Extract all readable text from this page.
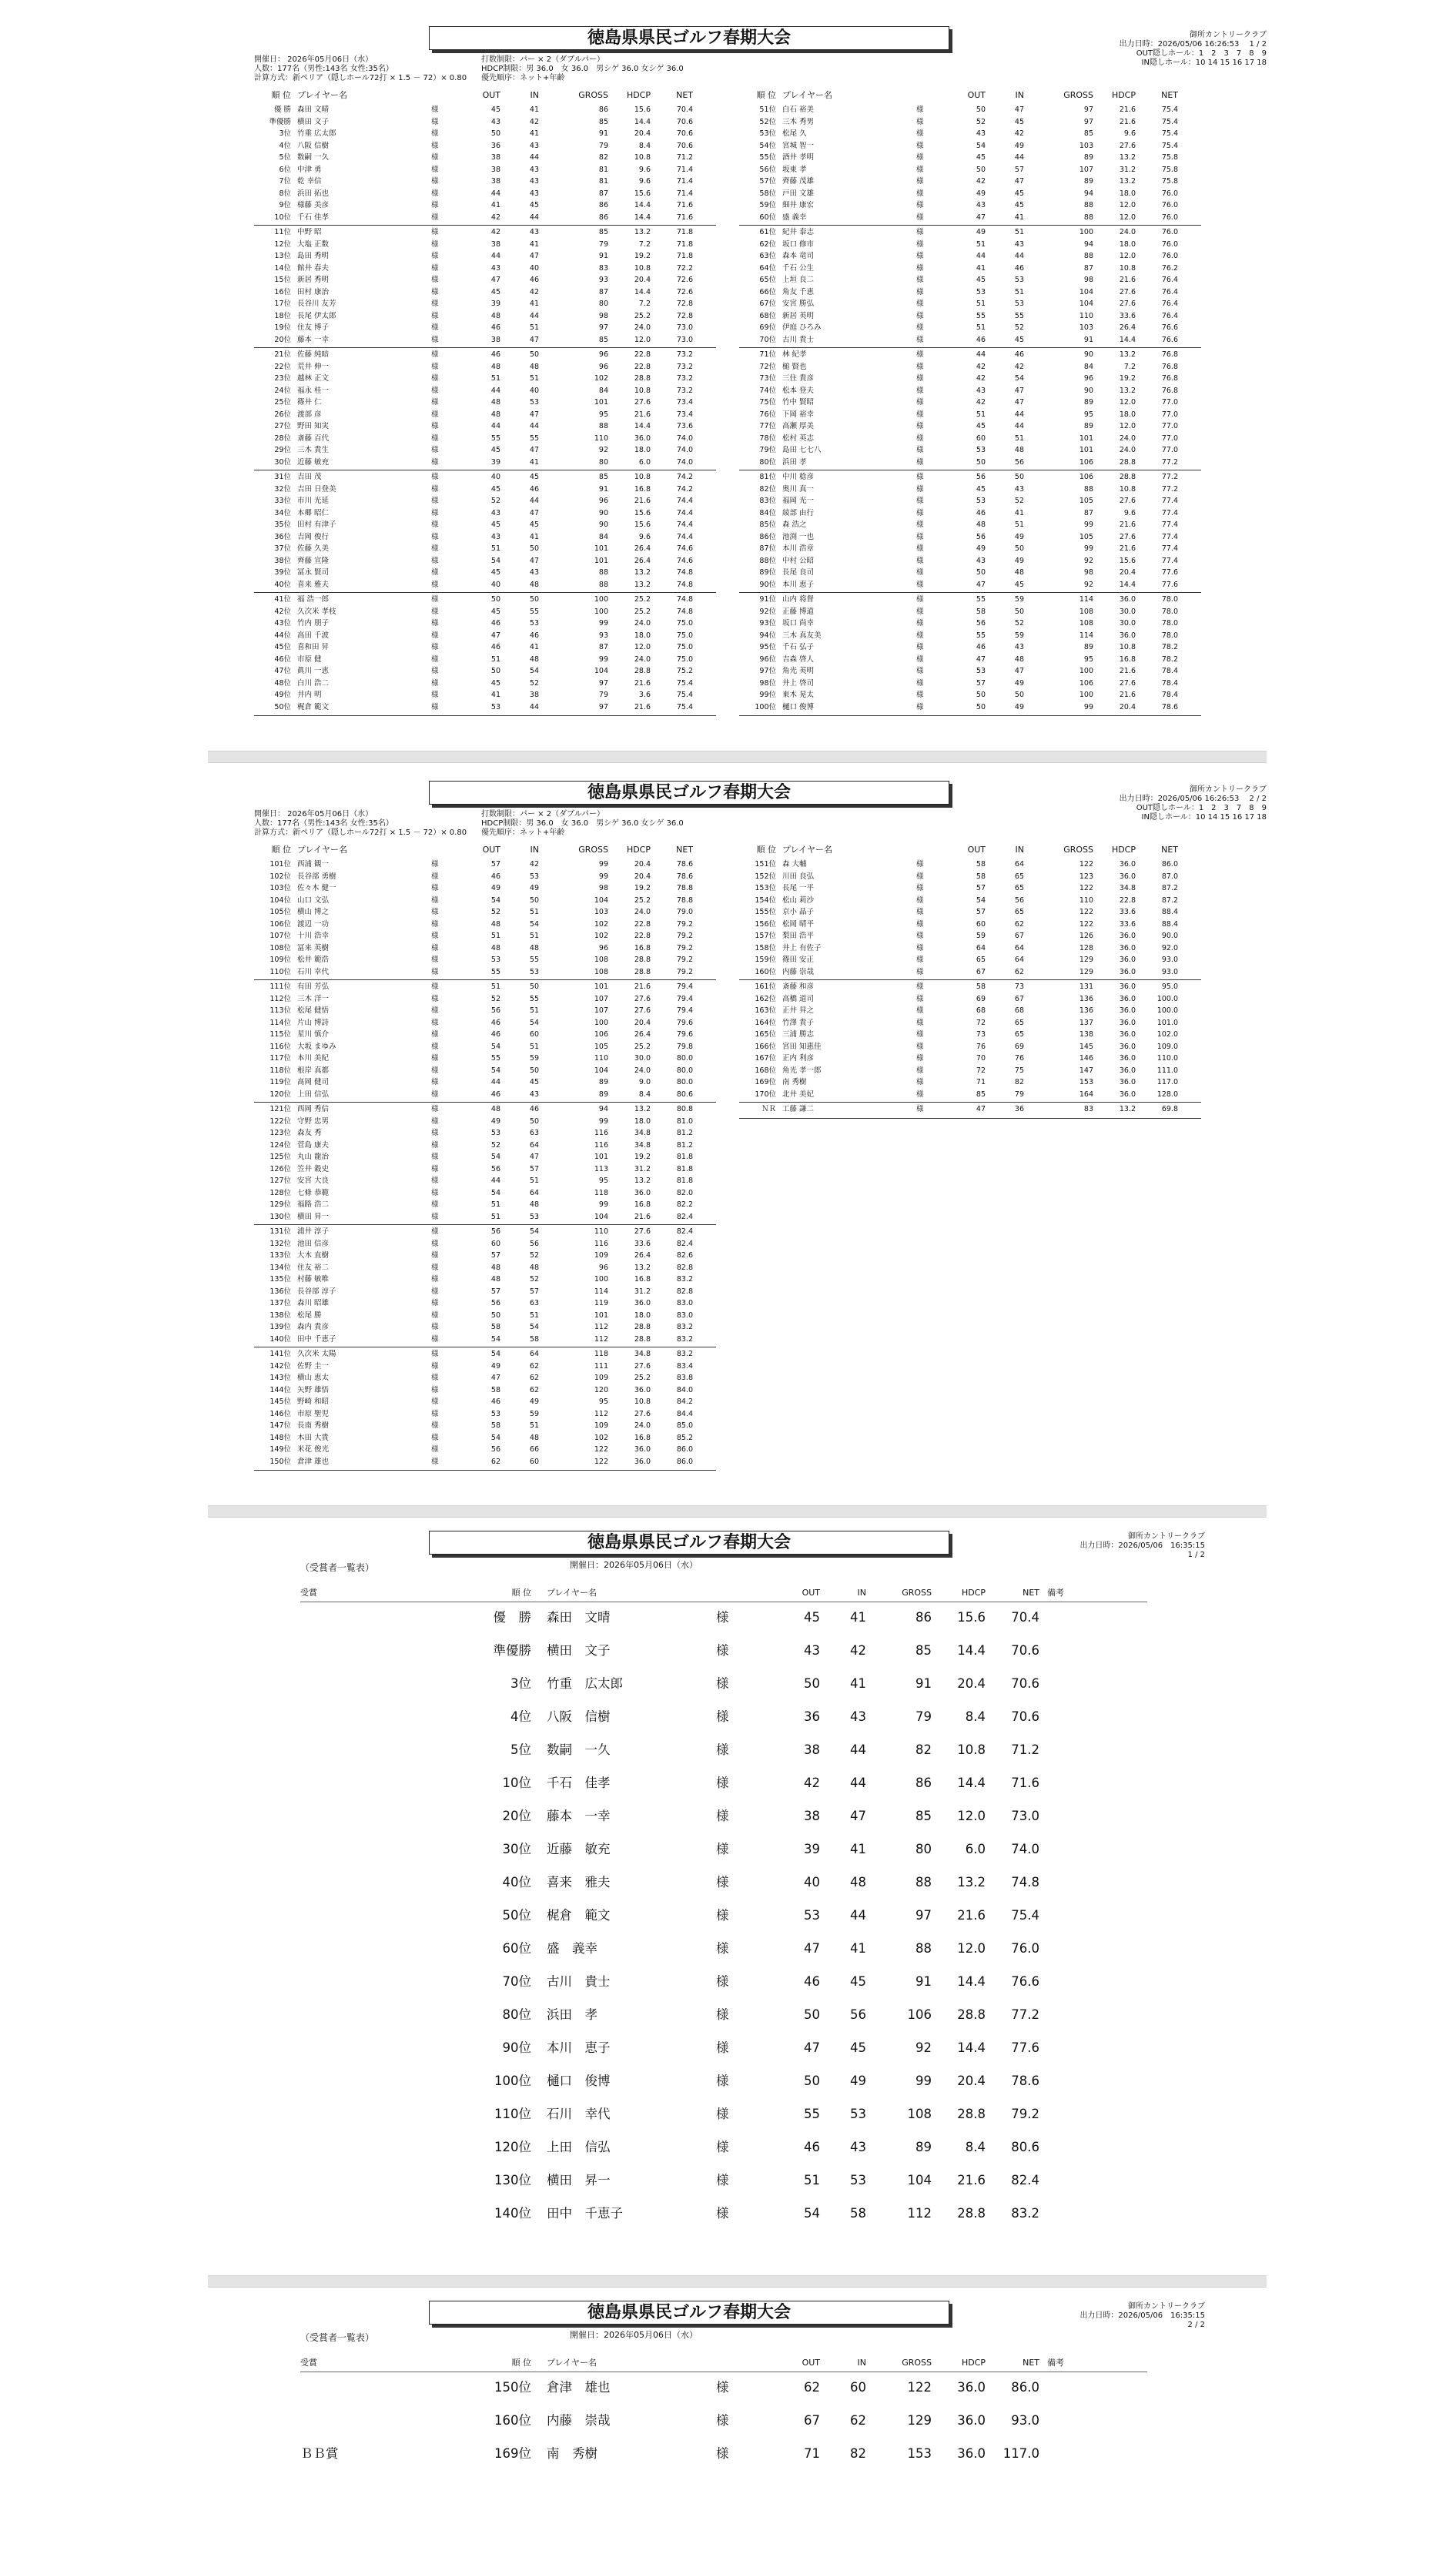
徳島県県民ゴルフ春期大会	御所カントリークラブ
出力日時：2026/05/06 16:26:53　 1 / 2
OUT隠しホール：1　2　3　7　8　9
IN隠しホール：10 14 15 16 17 18
開催日： 2026年05月06日（水）
人数：177名（男性:143名 女性:35名）
計算方式：新ペリア（隠しホール72打 × 1.5 － 72）× 0.80
打数制限：パー × 2（ダブルパー）
HDCP制限：男 36.0　女 36.0　男シゲ 36.0 女シゲ 36.0
優先順序：ネット+年齢
順 位 プレイヤー名	OUT	IN	GROSS	HDCP	NET
優 勝 森田 文晴	様	45	41	86	15.6	70.4
準優勝 横田 文子	様	43	42	85	14.4	70.6
3位 竹重 広太郎	様	50	41	91	20.4	70.6
4位 八阪 信樹	様	36	43	79	8.4	70.6
5位 数嗣 一久	様	38	44	82	10.8	71.2
6位 中津 勇	様	38	43	81	9.6	71.4
7位 乾 幸信	様	38	43	81	9.6	71.4
8位 浜田 拓也	様	44	43	87	15.6	71.4
9位 様藤 美彦	様	41	45	86	14.4	71.6
10位 千石 佳孝	様	42	44	86	14.4	71.6
11位 中野 昭	様	42	43	85	13.2	71.8
12位 大塩 正数	様	38	41	79	7.2	71.8
13位 島田 秀明	様	44	47	91	19.2	71.8
14位 館井 春夫	様	43	40	83	10.8	72.2
15位 新居 秀明	様	47	46	93	20.4	72.6
16位 田村 康治	様	45	42	87	14.4	72.6
17位 長谷川 友芳	様	39	41	80	7.2	72.8
18位 長尾 伊太郎	様	48	44	98	25.2	72.8
19位 住友 博子	様	46	51	97	24.0	73.0
20位 藤本 一幸	様	38	47	85	12.0	73.0
21位 佐藤 純暗	様	46	50	96	22.8	73.2
22位 荒井 伸一	様	48	48	96	22.8	73.2
23位 越林 正文	様	51	51	102	28.8	73.2
24位 福永 桂一	様	44	40	84	10.8	73.2
25位 篠井 仁	様	48	53	101	27.6	73.4
26位 渡部 彦	様	48	47	95	21.6	73.4
27位 野田 知実	様	44	44	88	14.4	73.6
28位 斎藤 百代	様	55	55	110	36.0	74.0
29位 三木 貴生	様	45	47	92	18.0	74.0
30位 近藤 敏充	様	39	41	80	6.0	74.0
31位 吉田 茂	様	40	45	85	10.8	74.2
32位 吉田 日登美	様	45	46	91	16.8	74.2
33位 市川 光延	様	52	44	96	21.6	74.4
34位 本郷 昭仁	様	43	47	90	15.6	74.4
35位 田村 有津子	様	45	45	90	15.6	74.4
36位 吉岡 俊行	様	43	41	84	9.6	74.4
37位 佐藤 久美	様	51	50	101	26.4	74.6
38位 齊藤 宣隆	様	54	47	101	26.4	74.6
39位 冨永 賢司	様	45	43	88	13.2	74.8
40位 喜来 雅夫	様	40	48	88	13.2	74.8
41位 福 浩一郎	様	50	50	100	25.2	74.8
42位 久次米 孝枝	様	45	55	100	25.2	74.8
43位 竹内 朋子	様	46	53	99	24.0	75.0
44位 高田 千波	様	47	46	93	18.0	75.0
45位 喜和田 昇	様	46	41	87	12.0	75.0
46位 市原 健	様	51	48	99	24.0	75.0
47位 眞川 一恵	様	50	54	104	28.8	75.2
48位 白川 浩二	様	45	52	97	21.6	75.4
49位 井内 明	様	41	38	79	3.6	75.4
50位 梶倉 範文	様	53	44	97	21.6	75.4
順 位 プレイヤー名	OUT	IN	GROSS	HDCP	NET
51位 白石 裕美	様	50	47	97	21.6	75.4
52位 三木 秀男	様	52	45	97	21.6	75.4
53位 松尾 久	様	43	42	85	9.6	75.4
54位 宮城 智一	様	54	49	103	27.6	75.4
55位 酒井 孝明	様	45	44	89	13.2	75.8
56位 坂東 孝	様	50	57	107	31.2	75.8
57位 齊藤 茂雄	様	42	47	89	13.2	75.8
58位 戸田 文雄	様	49	45	94	18.0	76.0
59位 細井 康宏	様	43	45	88	12.0	76.0
60位 盛 義幸	様	47	41	88	12.0	76.0
61位 紀井 泰志	様	49	51	100	24.0	76.0
62位 坂口 修市	様	51	43	94	18.0	76.0
63位 森本 竜司	様	44	44	88	12.0	76.0
64位 千石 公生	様	41	46	87	10.8	76.2
65位 上垣 良二	様	45	53	98	21.6	76.4
66位 角友 千恵	様	53	51	104	27.6	76.4
67位 安宮 勝弘	様	51	53	104	27.6	76.4
68位 新居 英明	様	55	55	110	33.6	76.4
69位 伊庭 ひろみ	様	51	52	103	26.4	76.6
70位 古川 貴士	様	46	45	91	14.4	76.6
71位 林 紀孝	様	44	46	90	13.2	76.8
72位 槌 賢也	様	42	42	84	7.2	76.8
73位 三住 貴彦	様	42	54	96	19.2	76.8
74位 松本 登夫	様	43	47	90	13.2	76.8
75位 竹中 賢昭	様	42	47	89	12.0	77.0
76位 下岡 裕幸	様	51	44	95	18.0	77.0
77位 高瀬 厚美	様	45	44	89	12.0	77.0
78位 松村 英志	様	60	51	101	24.0	77.0
79位 島田 七七八	様	53	48	101	24.0	77.0
80位 浜田 孝	様	50	56	106	28.8	77.2
81位 中川 稔彦	様	56	50	106	28.8	77.2
82位 奥川 真一	様	45	43	88	10.8	77.2
83位 福岡 光一	様	53	52	105	27.6	77.4
84位 綾部 由行	様	46	41	87	9.6	77.4
85位 森 浩之	様	48	51	99	21.6	77.4
86位 池渕 一也	様	56	49	105	27.6	77.4
87位 本川 浩章	様	49	50	99	21.6	77.4
88位 中村 公昭	様	43	49	92	15.6	77.4
89位 長尾 良司	様	50	48	98	20.4	77.6
90位 本川 恵子	様	47	45	92	14.4	77.6
91位 山内 将督	様	55	59	114	36.0	78.0
92位 正藤 博道	様	58	50	108	30.0	78.0
93位 坂口 尚幸	様	56	52	108	30.0	78.0
94位 三木 真友美	様	55	59	114	36.0	78.0
95位 千石 弘子	様	46	43	89	10.8	78.2
96位 吉森 啓人	様	47	48	95	16.8	78.2
97位 角光 英明	様	53	47	100	21.6	78.4
98位 井上 啓司	様	57	49	106	27.6	78.4
99位 東木 晃太	様	50	50	100	21.6	78.4
100位 樋口 俊博	様	50	49	99	20.4	78.6
徳島県県民ゴルフ春期大会	御所カントリークラブ
出力日時：2026/05/06 16:26:53　 2 / 2
OUT隠しホール：1　2　3　7　8　9
IN隠しホール：10 14 15 16 17 18
開催日： 2026年05月06日（水）
人数：177名（男性:143名 女性:35名）
計算方式：新ペリア（隠しホール72打 × 1.5 － 72）× 0.80
打数制限：パー × 2（ダブルパー）
HDCP制限：男 36.0　女 36.0　男シゲ 36.0 女シゲ 36.0
優先順序：ネット+年齢
順 位 プレイヤー名	OUT	IN	GROSS	HDCP	NET
101位 西浦 観一	様	57	42	99	20.4	78.6
102位 長谷部 勇樹	様	46	53	99	20.4	78.6
103位 佐々木 健一	様	49	49	98	19.2	78.8
104位 山口 文弘	様	54	50	104	25.2	78.8
105位 横山 博之	様	52	51	103	24.0	79.0
106位 渡辺 一功	様	48	54	102	22.8	79.2
107位 十川 浩幸	様	51	51	102	22.8	79.2
108位 冨来 英樹	様	48	48	96	16.8	79.2
109位 松井 範浩	様	53	55	108	28.8	79.2
110位 石川 幸代	様	55	53	108	28.8	79.2
111位 有田 芳弘	様	51	50	101	21.6	79.4
112位 三木 洋一	様	52	55	107	27.6	79.4
113位 松尾 健悟	様	56	51	107	27.6	79.4
114位 片山 博詩	様	46	54	100	20.4	79.6
115位 星川 慎介	様	46	60	106	26.4	79.6
116位 大坂 まゆみ	様	54	51	105	25.2	79.8
117位 本川 美紀	様	55	59	110	30.0	80.0
118位 根岸 真都	様	54	50	104	24.0	80.0
119位 髙岡 健司	様	44	45	89	9.0	80.0
120位 上田 信弘	様	46	43	89	8.4	80.6
121位 西岡 秀信	様	48	46	94	13.2	80.8
122位 守野 忠男	様	49	50	99	18.0	81.0
123位 森友 秀	様	53	63	116	34.8	81.2
124位 菅島 康夫	様	52	64	116	34.8	81.2
125位 丸山 龍治	様	54	47	101	19.2	81.8
126位 笠井 穀史	様	56	57	113	31.2	81.8
127位 安宮 大良	様	44	51	95	13.2	81.8
128位 七條 恭範	様	54	64	118	36.0	82.0
129位 福路 浩二	様	51	48	99	16.8	82.2
130位 横田 昇一	様	51	53	104	21.6	82.4
131位 浦井 淳子	様	56	54	110	27.6	82.4
132位 池田 信彦	様	60	56	116	33.6	82.4
133位 大木 直樹	様	57	52	109	26.4	82.6
134位 住友 裕二	様	48	48	96	13.2	82.8
135位 村藤 敏唯	様	48	52	100	16.8	83.2
136位 長谷部 淳子	様	57	57	114	31.2	82.8
137位 森川 昭雄	様	56	63	119	36.0	83.0
138位 松尾 勝	様	50	51	101	18.0	83.0
139位 森内 貴彦	様	58	54	112	28.8	83.2
140位 田中 千恵子	様	54	58	112	28.8	83.2
141位 久次米 太陽	様	54	64	118	34.8	83.2
142位 佐野 圭一	様	49	62	111	27.6	83.4
143位 横山 恵太	様	47	62	109	25.2	83.8
144位 矢野 雄悟	様	58	62	120	36.0	84.0
145位 野崎 和昭	様	46	49	95	10.8	84.2
146位 市原 聖児	様	53	59	112	27.6	84.4
147位 長南 秀樹	様	58	51	109	24.0	85.0
148位 木田 大貴	様	54	48	102	16.8	85.2
149位 米花 俊光	様	56	66	122	36.0	86.0
150位 倉津 雄也	様	62	60	122	36.0	86.0
順 位 プレイヤー名	OUT	IN	GROSS	HDCP	NET
151位 森 大輔	様	58	64	122	36.0	86.0
152位 川田 良弘	様	58	65	123	36.0	87.0
153位 長尾 一平	様	57	65	122	34.8	87.2
154位 松山 莉沙	様	54	56	110	22.8	87.2
155位 京小 晶子	様	57	65	122	33.6	88.4
156位 松岡 晴平	様	60	62	122	33.6	88.4
157位 梨田 浩平	様	59	67	126	36.0	90.0
158位 井上 有佐子	様	64	64	128	36.0	92.0
159位 篠田 安正	様	65	64	129	36.0	93.0
160位 内藤 崇哉	様	67	62	129	36.0	93.0
161位 斎藤 和彦	様	58	73	131	36.0	95.0
162位 高橋 道司	様	69	67	136	36.0	100.0
163位 正井 昇之	様	68	68	136	36.0	100.0
164位 竹澤 貴子	様	72	65	137	36.0	101.0
165位 三浦 勝志	様	73	65	138	36.0	102.0
166位 宮田 知惠佳	様	76	69	145	36.0	109.0
167位 正内 利彦	様	70	76	146	36.0	110.0
168位 角光 孝一郎	様	72	75	147	36.0	111.0
169位 南 秀樹	様	71	82	153	36.0	117.0
170位 北井 美妃	様	85	79	164	36.0	128.0
ＮＲ 工藤 謙二	様	47	36	83	13.2	69.8
徳島県県民ゴルフ春期大会
（受賞者一覧表）	開催日：2026年05月06日（水）
御所カントリークラブ
出力日時：2026/05/06　16:35:15
1 / 2
受賞	順 位 プレイヤー名	OUT	IN	GROSS	HDCP	NET 備考
優　勝 森田　文晴	様	45	41	86	15.6	70.4
準優勝 横田　文子	様	43	42	85	14.4	70.6
3位 竹重　広太郎	様	50	41	91	20.4	70.6
4位 八阪　信樹	様	36	43	79	8.4	70.6
5位 数嗣　一久	様	38	44	82	10.8	71.2
10位 千石　佳孝	様	42	44	86	14.4	71.6
20位 藤本　一幸	様	38	47	85	12.0	73.0
30位 近藤　敏充	様	39	41	80	6.0	74.0
40位 喜来　雅夫	様	40	48	88	13.2	74.8
50位 梶倉　範文	様	53	44	97	21.6	75.4
60位 盛　義幸	様	47	41	88	12.0	76.0
70位 古川　貴士	様	46	45	91	14.4	76.6
80位 浜田　孝	様	50	56	106	28.8	77.2
90位 本川　恵子	様	47	45	92	14.4	77.6
100位 樋口　俊博	様	50	49	99	20.4	78.6
110位 石川　幸代	様	55	53	108	28.8	79.2
120位 上田　信弘	様	46	43	89	8.4	80.6
130位 横田　昇一	様	51	53	104	21.6	82.4
140位 田中　千恵子	様	54	58	112	28.8	83.2
徳島県県民ゴルフ春期大会
（受賞者一覧表）	開催日：2026年05月06日（水）
御所カントリークラブ
出力日時：2026/05/06　16:35:15
2 / 2
受賞	順 位 プレイヤー名	OUT	IN	GROSS	HDCP	NET 備考
150位 倉津　雄也	様	62	60	122	36.0	86.0
160位 内藤　崇哉	様	67	62	129	36.0	93.0
ＢＢ賞	169位 南　秀樹	様	71	82	153	36.0	117.0
